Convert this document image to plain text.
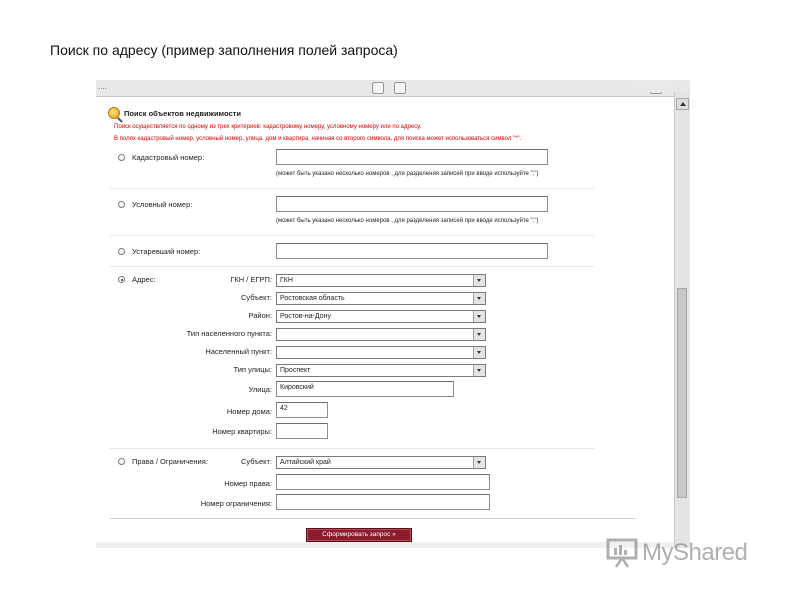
Поиск по адресу (пример заполнения полей запроса)
....
Поиск объектов недвижимости
Поиск осуществляется по одному из трех критериев: кадастровому номеру, условному номеру или по адресу.
В полях кадастровый номер, условный номер, улица, дом и квартира, начиная со второго символа, для поиска может использоваться символ "*".
Кадастровый номер:
(может быть указано несколько номеров , для разделения записей при вводе используйте ";")
Условный номер:
(может быть указано несколько номеров , для разделения записей при вводе используйте ";")
Устаревший номер:
Адрес:	ГКН / ЕГРП:	ГКН
Субъект:	Ростовская область
Район:	Ростов-на-Дону
Тип населенного пункта:
Населенный пункт:
Тип улицы:	Проспект
Улица:	Кировский
Номер дома:	42
Номер квартиры:
Права / Ограничения:	Субъект:	Алтайский край
Номер права:
Номер ограничения:
Сформировать запрос »
MyShared
